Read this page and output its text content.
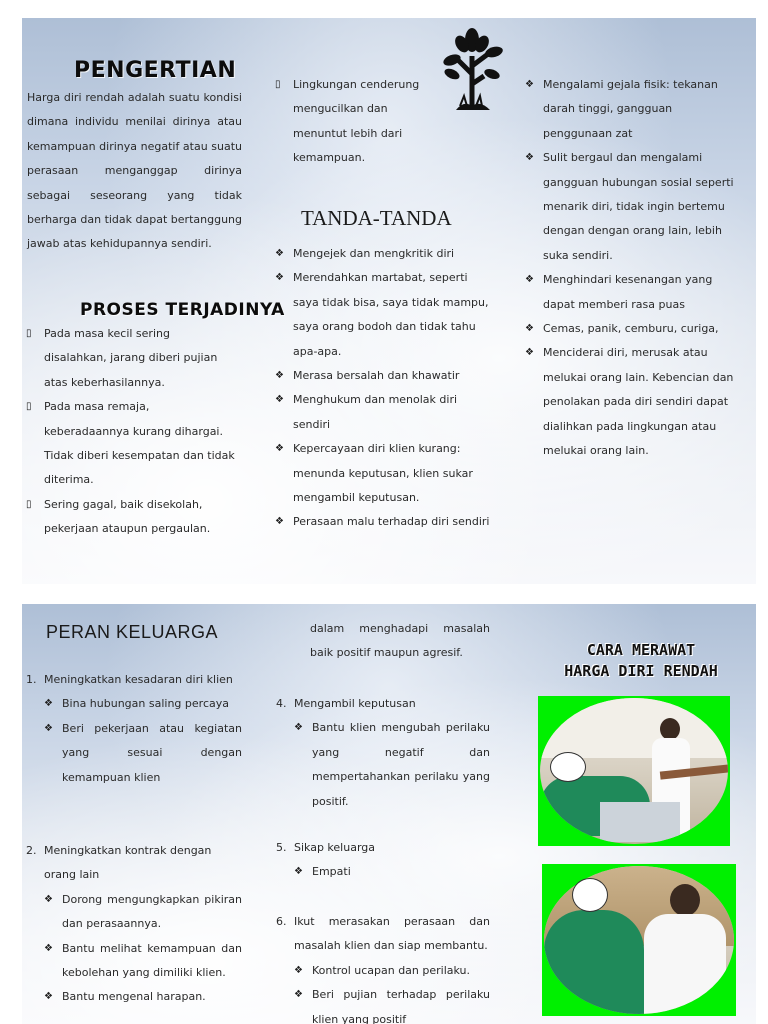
PENGERTIAN

Harga diri rendah adalah suatu kondisi dimana individu menilai dirinya atau kemampuan dirinya negatif atau suatu perasaan menganggap dirinya sebagai seseorang yang tidak berharga dan tidak dapat bertanggung jawab atas kehidupannya sendiri.

PROSES TERJADINYA
▯ Pada masa kecil sering disalahkan, jarang diberi pujian atas keberhasilannya.
▯ Pada masa remaja, keberadaannya kurang dihargai. Tidak diberi kesempatan dan tidak diterima.
▯ Sering gagal, baik disekolah, pekerjaan ataupun pergaulan.
▯ Lingkungan cenderung mengucilkan dan menuntut lebih dari kemampuan.
TANDA-TANDA
❖ Mengejek dan mengkritik diri
❖ Merendahkan martabat, seperti saya tidak bisa, saya tidak mampu, saya orang bodoh dan tidak tahu apa-apa.
❖ Merasa bersalah dan khawatir
❖ Menghukum dan menolak diri sendiri
❖ Kepercayaan diri klien kurang: menunda keputusan, klien sukar mengambil keputusan.
❖ Perasaan malu terhadap diri sendiri
❖ Mengalami gejala fisik: tekanan darah tinggi, gangguan penggunaan zat
❖ Sulit bergaul dan mengalami gangguan hubungan sosial seperti menarik diri, tidak ingin bertemu dengan dengan orang lain, lebih suka sendiri.
❖ Menghindari kesenangan yang dapat memberi rasa puas
❖ Cemas, panik, cemburu, curiga,
❖ Menciderai diri, merusak atau melukai orang lain. Kebencian dan penolakan pada diri sendiri dapat dialihkan pada lingkungan atau melukai orang lain.
PERAN KELUARGA
1. Meningkatkan kesadaran diri klien
❖ Bina hubungan saling percaya
❖ Beri pekerjaan atau kegiatan yang sesuai dengan kemampuan klien
2. Meningkatkan kontrak dengan orang lain
❖ Dorong mengungkapkan pikiran dan perasaannya.
❖ Bantu melihat kemampuan dan kebolehan yang dimiliki klien.
❖ Bantu mengenal harapan.

dalam menghadapi masalah baik positif maupun agresif.

4. Mengambil keputusan
❖ Bantu klien mengubah perilaku yang negatif dan mempertahankan perilaku yang positif.
5. Sikap keluarga
❖ Empati
6. Ikut merasakan perasaan dan masalah klien dan siap membantu.
❖ Kontrol ucapan dan perilaku.
❖ Beri pujian terhadap perilaku klien yang positif
CARA MERAWAT
HARGA DIRI RENDAH
